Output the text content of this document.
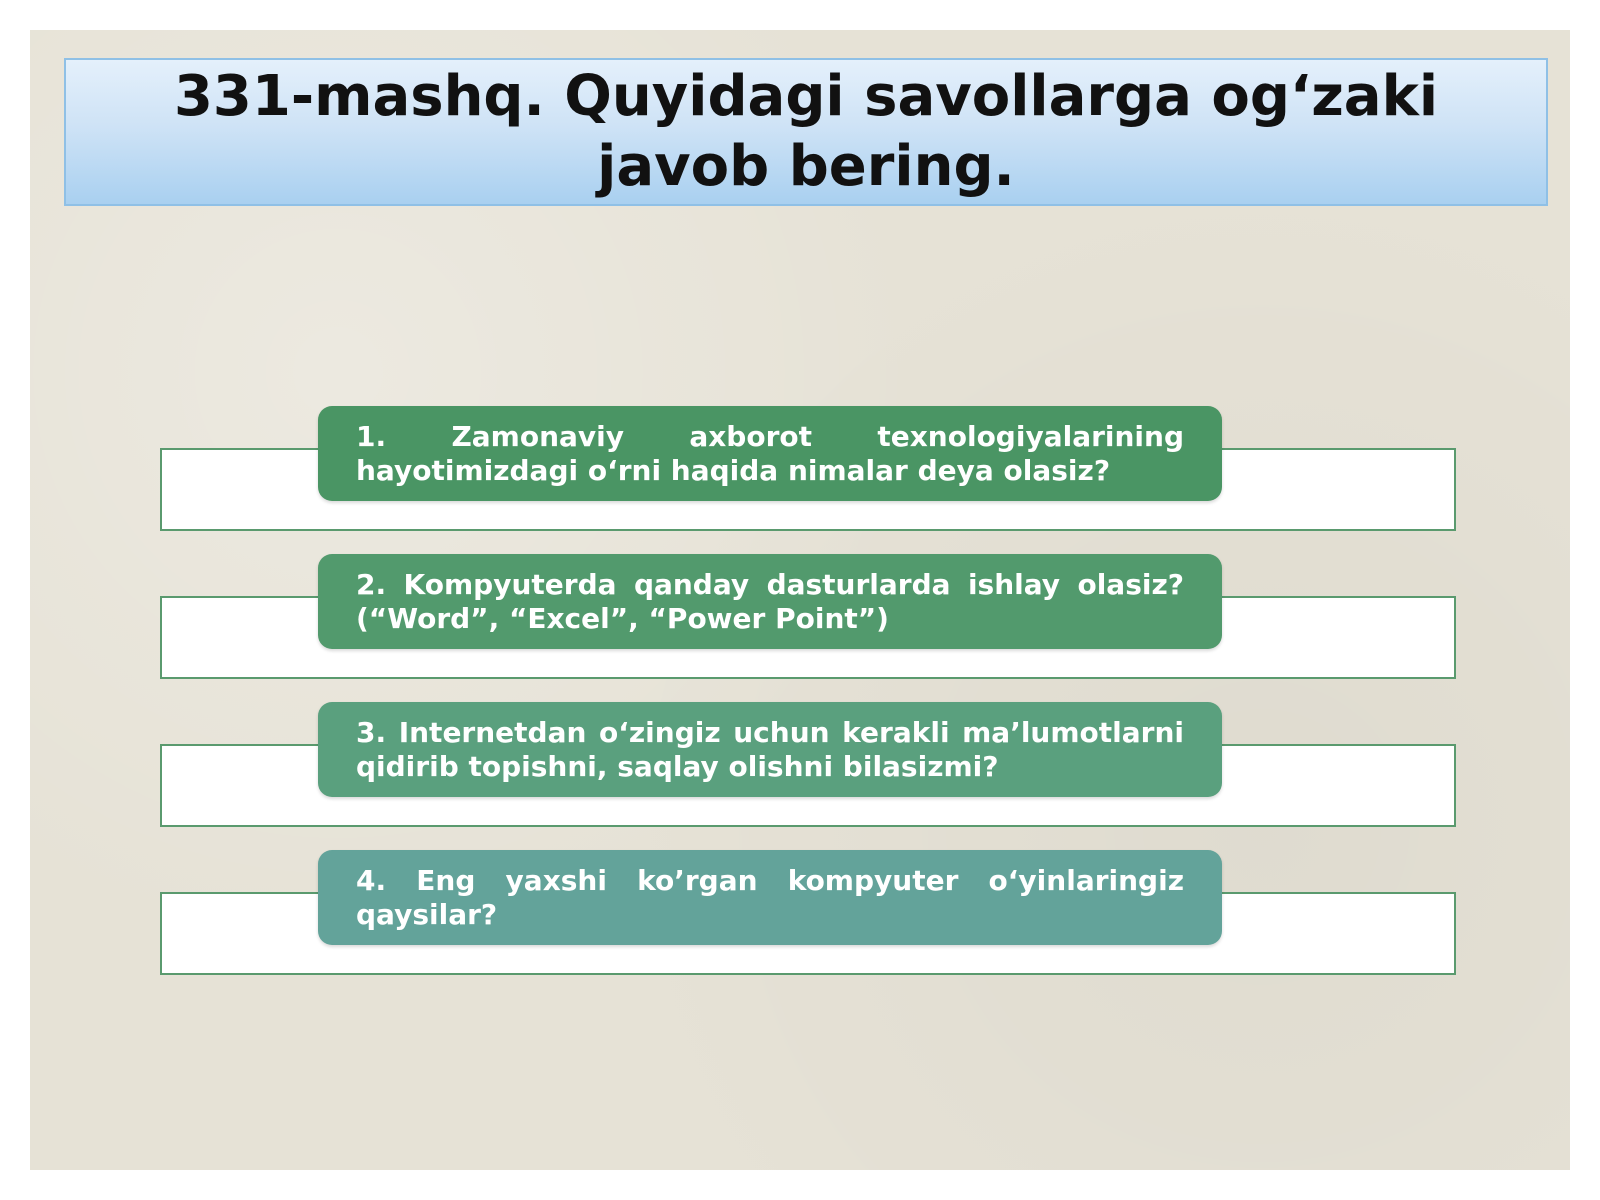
331-mashq. Quyidagi savollarga og‘zaki javob bering.
1. Zamonaviy axborot texnologiyalarining hayotimizdagi o‘rni haqida nimalar deya olasiz?
2. Kompyuterda qanday dasturlarda ishlay olasiz? (“Word”, “Excel”, “Power Point”)
3. Internetdan o‘zingiz uchun kerakli ma’lumotlarni qidirib topishni, saqlay olishni bilasizmi?
4. Eng yaxshi ko’rgan kompyuter o‘yinlaringiz qaysilar?
